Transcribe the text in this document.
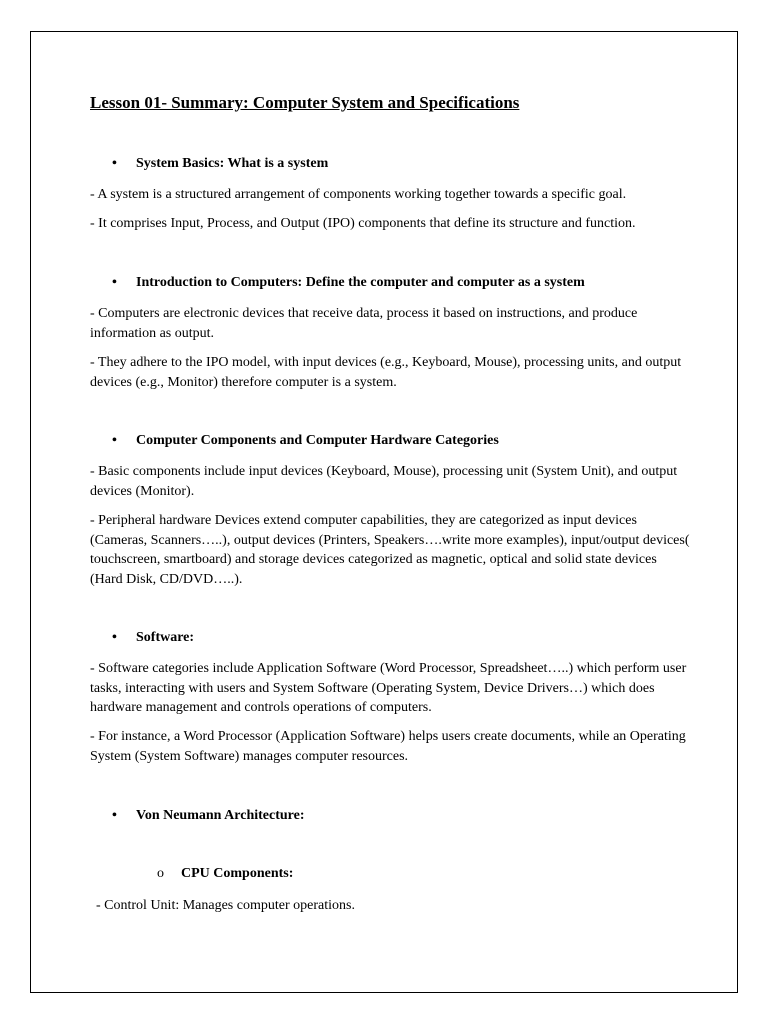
Lesson 01- Summary: Computer System and Specifications
• System Basics: What is a system
- A system is a structured arrangement of components working together towards a specific goal.
- It comprises Input, Process, and Output (IPO) components that define its structure and function.
• Introduction to Computers: Define the computer and computer as a system
- Computers are electronic devices that receive data, process it based on instructions, and produce information as output.
- They adhere to the IPO model, with input devices (e.g., Keyboard, Mouse), processing units, and output devices (e.g., Monitor) therefore computer is a system.
• Computer Components and Computer Hardware Categories
- Basic components include input devices (Keyboard, Mouse), processing unit (System Unit), and output devices (Monitor).
- Peripheral hardware Devices extend computer capabilities, they are categorized as input devices (Cameras, Scanners…..), output devices (Printers, Speakers….write more examples), input/output devices( touchscreen, smartboard) and storage devices categorized as magnetic, optical and solid state devices (Hard Disk, CD/DVD…..).
• Software:
- Software categories include Application Software (Word Processor, Spreadsheet…..) which perform user tasks, interacting with users and System Software (Operating System, Device Drivers…) which does hardware management and controls operations of computers.
- For instance, a Word Processor (Application Software) helps users create documents, while an Operating System (System Software) manages computer resources.
• Von Neumann Architecture:
o CPU Components:
- Control Unit: Manages computer operations.
